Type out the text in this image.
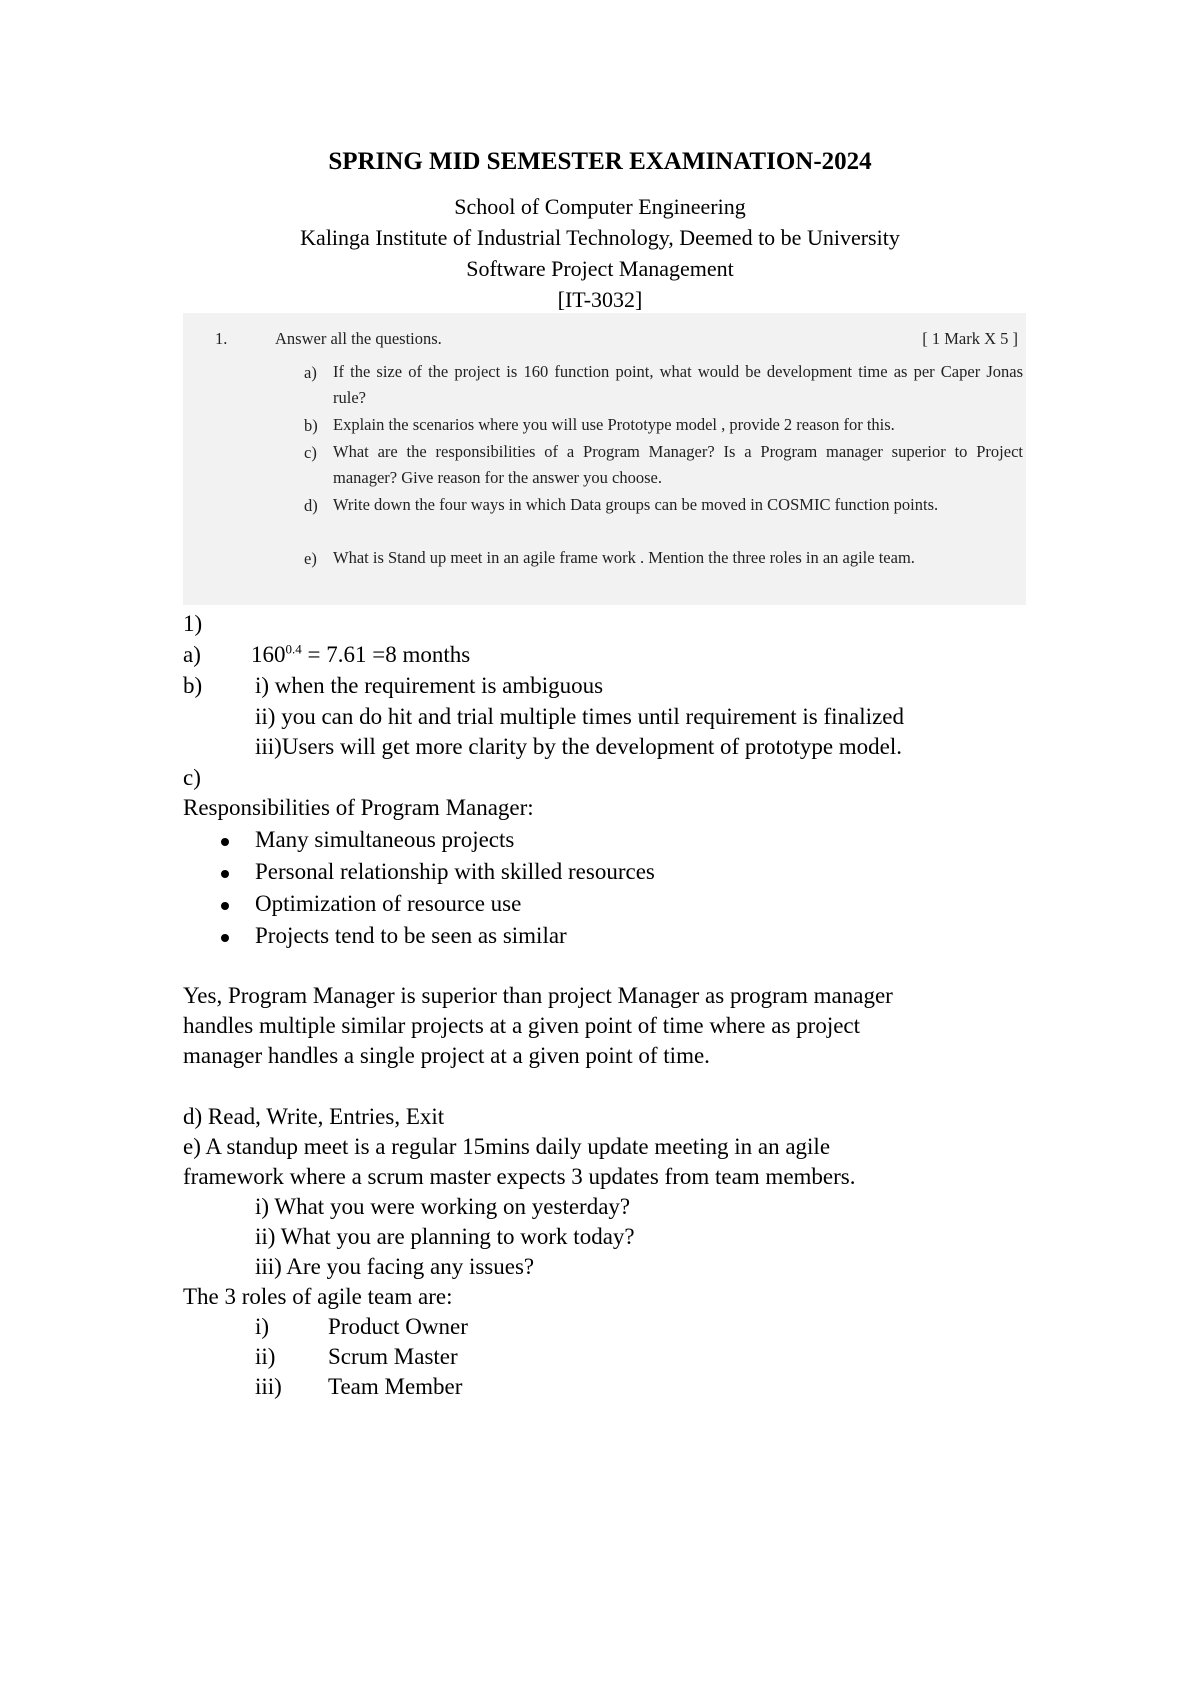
SPRING MID SEMESTER EXAMINATION-2024
School of Computer Engineering
Kalinga Institute of Industrial Technology, Deemed to be University
Software Project Management
[IT-3032]
1.	Answer all the questions.	[ 1 Mark X 5 ]
a) If the size of the project is 160 function point, what would be development time as per Caper Jonas rule?
b) Explain the scenarios where you will use Prototype model , provide 2 reason for this.
c) What are the responsibilities of a Program Manager? Is a Program manager superior to Project manager? Give reason for the answer you choose.
d) Write down the four ways in which Data groups can be moved in COSMIC function points.
e) What is Stand up meet in an agile frame work . Mention the three roles in an agile team.
1)
a) $160^{0.4} = 7.61 =8$ months
b) i) when the requirement is ambiguous
ii) you can do hit and trial multiple times until requirement is finalized
iii)Users will get more clarity by the development of prototype model.
c)
Responsibilities of Program Manager:
Many simultaneous projects
Personal relationship with skilled resources
Optimization of resource use
Projects tend to be seen as similar
Yes, Program Manager is superior than project Manager as program manager
handles multiple similar projects at a given point of time where as project
manager handles a single project at a given point of time.
d) Read, Write, Entries, Exit
e) A standup meet is a regular 15mins daily update meeting in an agile
framework where a scrum master expects 3 updates from team members.
i) What you were working on yesterday?
ii) What you are planning to work today?
iii) Are you facing any issues?
The 3 roles of agile team are:
i)	Product Owner
ii) Scrum Master
iii) Team Member
